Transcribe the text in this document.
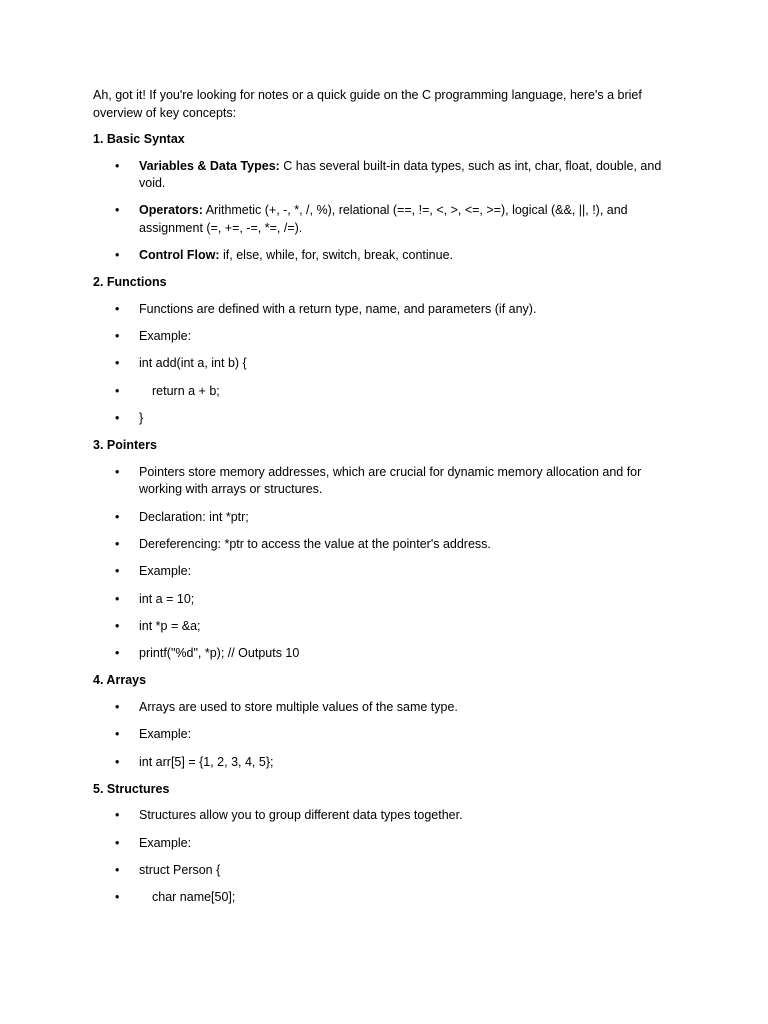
Ah, got it! If you're looking for notes or a quick guide on the C programming language, here's a brief overview of key concepts:

1. Basic Syntax

• Variables & Data Types: C has several built-in data types, such as int, char, float, double, and void.
• Operators: Arithmetic (+, -, *, /, %), relational (==, !=, <, >, <=, >=), logical (&&, ||, !), and assignment (=, +=, -=, *=, /=).
• Control Flow: if, else, while, for, switch, break, continue.

2. Functions

• Functions are defined with a return type, name, and parameters (if any).
• Example:
• int add(int a, int b) {
•	return a + b;
• }

3. Pointers

• Pointers store memory addresses, which are crucial for dynamic memory allocation and for working with arrays or structures.
• Declaration: int *ptr;
• Dereferencing: *ptr to access the value at the pointer's address.
• Example:
• int a = 10;
• int *p = &a;
• printf("%d", *p); // Outputs 10

4. Arrays

• Arrays are used to store multiple values of the same type.
• Example:
• int arr[5] = {1, 2, 3, 4, 5};

5. Structures

• Structures allow you to group different data types together.
• Example:
• struct Person {
•	char name[50];
